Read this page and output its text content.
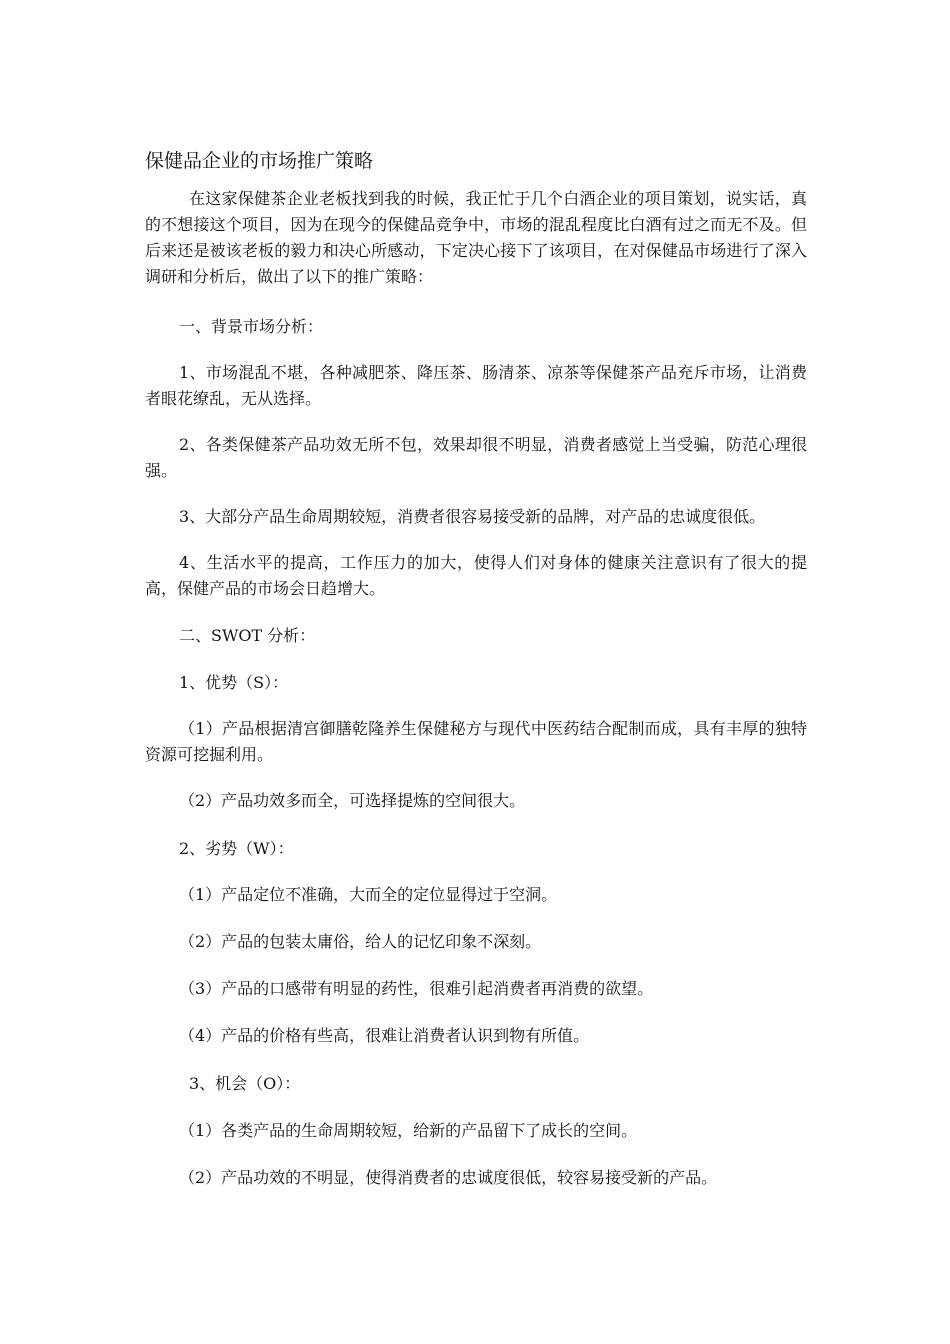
保健品企业的市场推广策略
在这家保健茶企业老板找到我的时候，我正忙于几个白酒企业的项目策划，说实话，真的不想接这个项目，因为在现今的保健品竞争中，市场的混乱程度比白酒有过之而无不及。但后来还是被该老板的毅力和决心所感动，下定决心接下了该项目，在对保健品市场进行了深入调研和分析后，做出了以下的推广策略：
一、背景市场分析：
1、市场混乱不堪，各种减肥茶、降压茶、肠清茶、凉茶等保健茶产品充斥市场，让消费者眼花缭乱，无从选择。
2、各类保健茶产品功效无所不包，效果却很不明显，消费者感觉上当受骗，防范心理很强。
3、大部分产品生命周期较短，消费者很容易接受新的品牌，对产品的忠诚度很低。
4、生活水平的提高，工作压力的加大，使得人们对身体的健康关注意识有了很大的提高，保健产品的市场会日趋增大。
二、SWOT 分析：
1、优势（S）：
（1）产品根据清宫御膳乾隆养生保健秘方与现代中医药结合配制而成，具有丰厚的独特资源可挖掘利用。
（2）产品功效多而全，可选择提炼的空间很大。
2、劣势（W）：
（1）产品定位不准确，大而全的定位显得过于空洞。
（2）产品的包装太庸俗，给人的记忆印象不深刻。
（3）产品的口感带有明显的药性，很难引起消费者再消费的欲望。
（4）产品的价格有些高，很难让消费者认识到物有所值。
3、机会（O）：
（1）各类产品的生命周期较短，给新的产品留下了成长的空间。
（2）产品功效的不明显，使得消费者的忠诚度很低，较容易接受新的产品。
